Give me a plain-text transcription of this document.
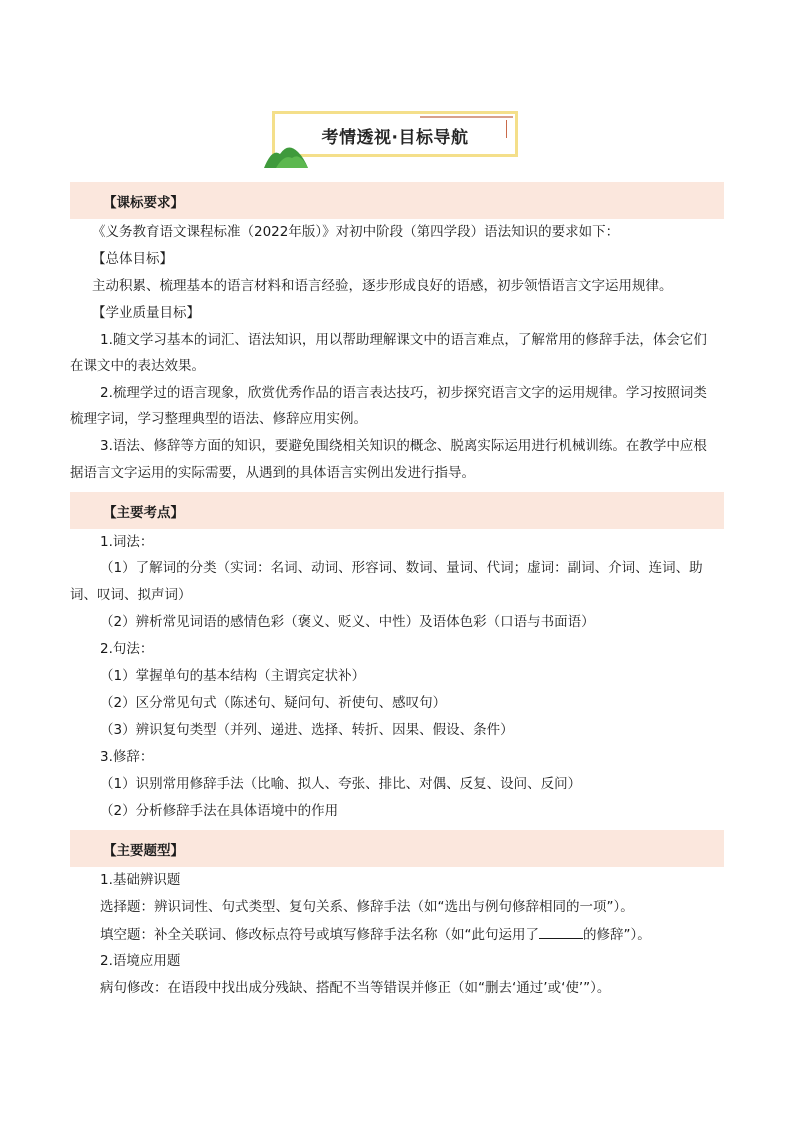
考情透视·目标导航
【课标要求】
《义务教育语文课程标准（2022年版）》对初中阶段（第四学段）语法知识的要求如下：
【总体目标】
主动积累、梳理基本的语言材料和语言经验，逐步形成良好的语感，初步领悟语言文字运用规律。
【学业质量目标】
1.随文学习基本的词汇、语法知识，用以帮助理解课文中的语言难点，了解常用的修辞手法，体会它们
在课文中的表达效果。
2.梳理学过的语言现象，欣赏优秀作品的语言表达技巧，初步探究语言文字的运用规律。学习按照词类
梳理字词，学习整理典型的语法、修辞应用实例。
3.语法、修辞等方面的知识，要避免围绕相关知识的概念、脱离实际运用进行机械训练。在教学中应根
据语言文字运用的实际需要，从遇到的具体语言实例出发进行指导。
【主要考点】
1.词法：
（1）了解词的分类（实词：名词、动词、形容词、数词、量词、代词；虚词：副词、介词、连词、助
词、叹词、拟声词）
（2）辨析常见词语的感情色彩（褒义、贬义、中性）及语体色彩（口语与书面语）
2.句法：
（1）掌握单句的基本结构（主谓宾定状补）
（2）区分常见句式（陈述句、疑问句、祈使句、感叹句）
（3）辨识复句类型（并列、递进、选择、转折、因果、假设、条件）
3.修辞：
（1）识别常用修辞手法（比喻、拟人、夸张、排比、对偶、反复、设问、反问）
（2）分析修辞手法在具体语境中的作用
【主要题型】
1.基础辨识题
选择题：辨识词性、句式类型、复句关系、修辞手法（如“选出与例句修辞相同的一项”）。
填空题：补全关联词、修改标点符号或填写修辞手法名称（如“此句运用了	的修辞”）。
2.语境应用题
病句修改：在语段中找出成分残缺、搭配不当等错误并修正（如“删去‘通过’或‘使’”）。
